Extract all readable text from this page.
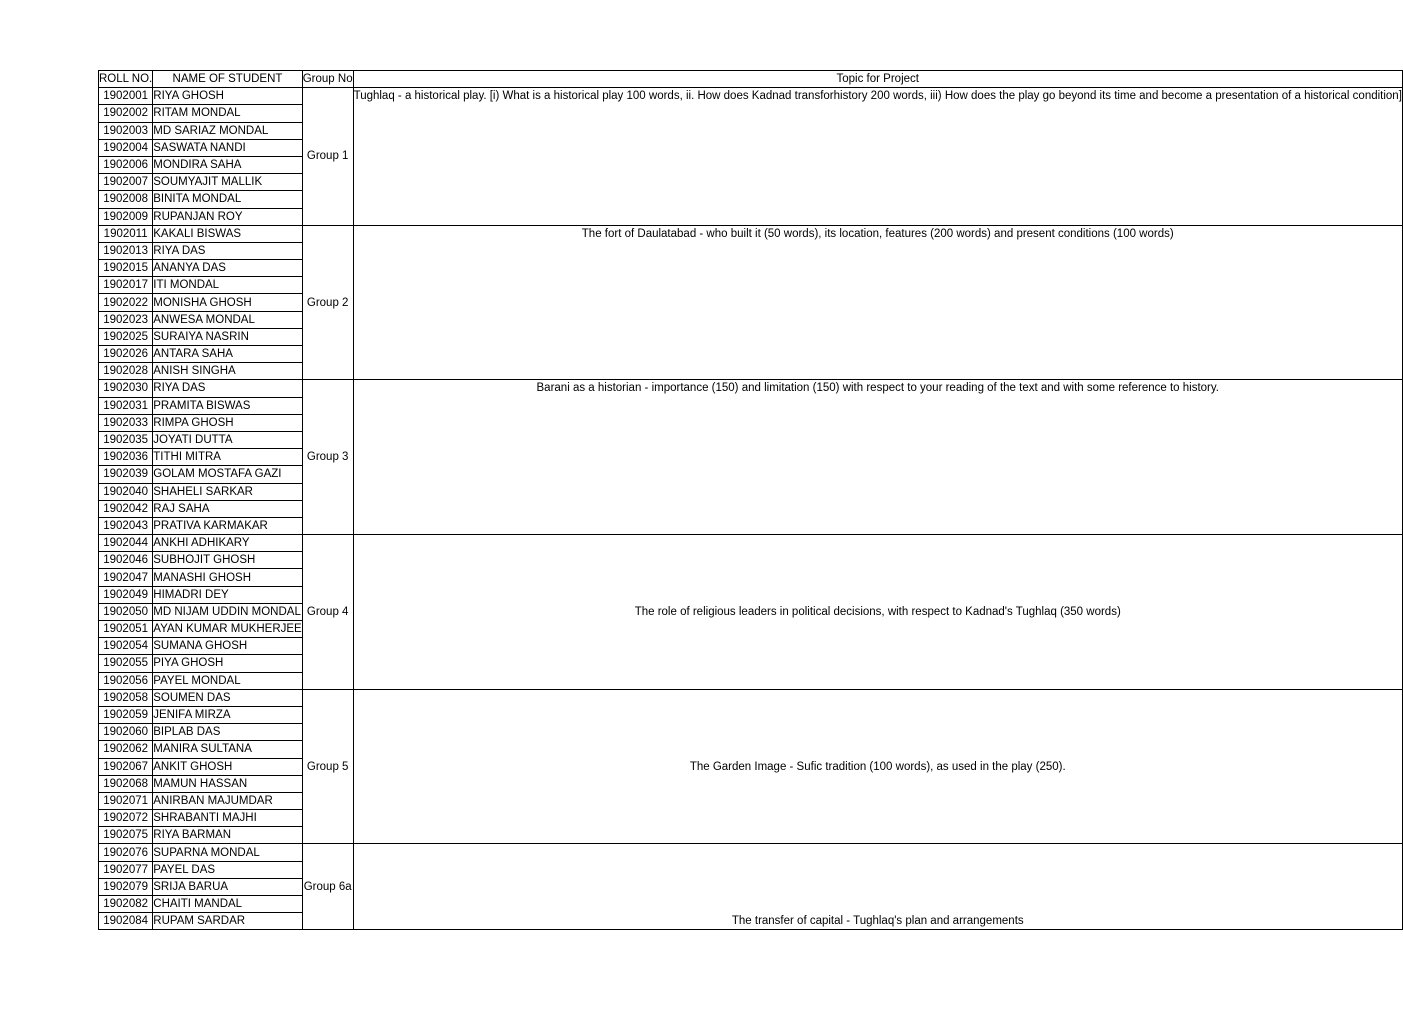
ROLL NO.	NAME OF STUDENT	Group No	Topic for Project
1902001	RIYA GHOSH	Group 1	Tughlaq - a historical play. [i) What is a historical play 100 words, ii. How does Kadnad transforhistory 200 words, iii) How does the play go beyond its time and become a presentation of a historical condition]
1902002	RITAM MONDAL		
1902003	MD SARIAZ MONDAL		
1902004	SASWATA NANDI		
1902006	MONDIRA SAHA		
1902007	SOUMYAJIT MALLIK		
1902008	BINITA MONDAL		
1902009	RUPANJAN ROY		
1902011	KAKALI BISWAS	Group 2	The fort of Daulatabad - who built it (50 words), its location, features (200 words) and present conditions (100 words)
1902013	RIYA DAS		
1902015	ANANYA DAS		
1902017	ITI MONDAL		
1902022	MONISHA GHOSH		
1902023	ANWESA MONDAL		
1902025	SURAIYA NASRIN		
1902026	ANTARA SAHA		
1902028	ANISH SINGHA		
1902030	RIYA DAS	Group 3	Barani as a historian - importance (150) and limitation (150) with respect to your reading of the text and with some reference to history.
1902031	PRAMITA BISWAS		
1902033	RIMPA GHOSH		
1902035	JOYATI DUTTA		
1902036	TITHI MITRA		
1902039	GOLAM MOSTAFA GAZI		
1902040	SHAHELI SARKAR		
1902042	RAJ SAHA		
1902043	PRATIVA KARMAKAR		
1902044	ANKHI ADHIKARY	Group 4	The role of religious leaders in political decisions, with respect to Kadnad's Tughlaq (350 words)
1902046	SUBHOJIT GHOSH		
1902047	MANASHI GHOSH		
1902049	HIMADRI DEY		
1902050	MD NIJAM UDDIN MONDAL		
1902051	AYAN KUMAR MUKHERJEE		
1902054	SUMANA GHOSH		
1902055	PIYA GHOSH		
1902056	PAYEL MONDAL		
1902058	SOUMEN DAS	Group 5	The Garden Image - Sufic tradition (100 words), as used in the play (250).
1902059	JENIFA MIRZA		
1902060	BIPLAB DAS		
1902062	MANIRA SULTANA		
1902067	ANKIT GHOSH		
1902068	MAMUN HASSAN		
1902071	ANIRBAN MAJUMDAR		
1902072	SHRABANTI MAJHI		
1902075	RIYA BARMAN		
1902076	SUPARNA MONDAL	Group 6a	The transfer of capital - Tughlaq's plan and arrangements
1902077	PAYEL DAS		
1902079	SRIJA BARUA		
1902082	CHAITI MANDAL		
1902084	RUPAM SARDAR		
